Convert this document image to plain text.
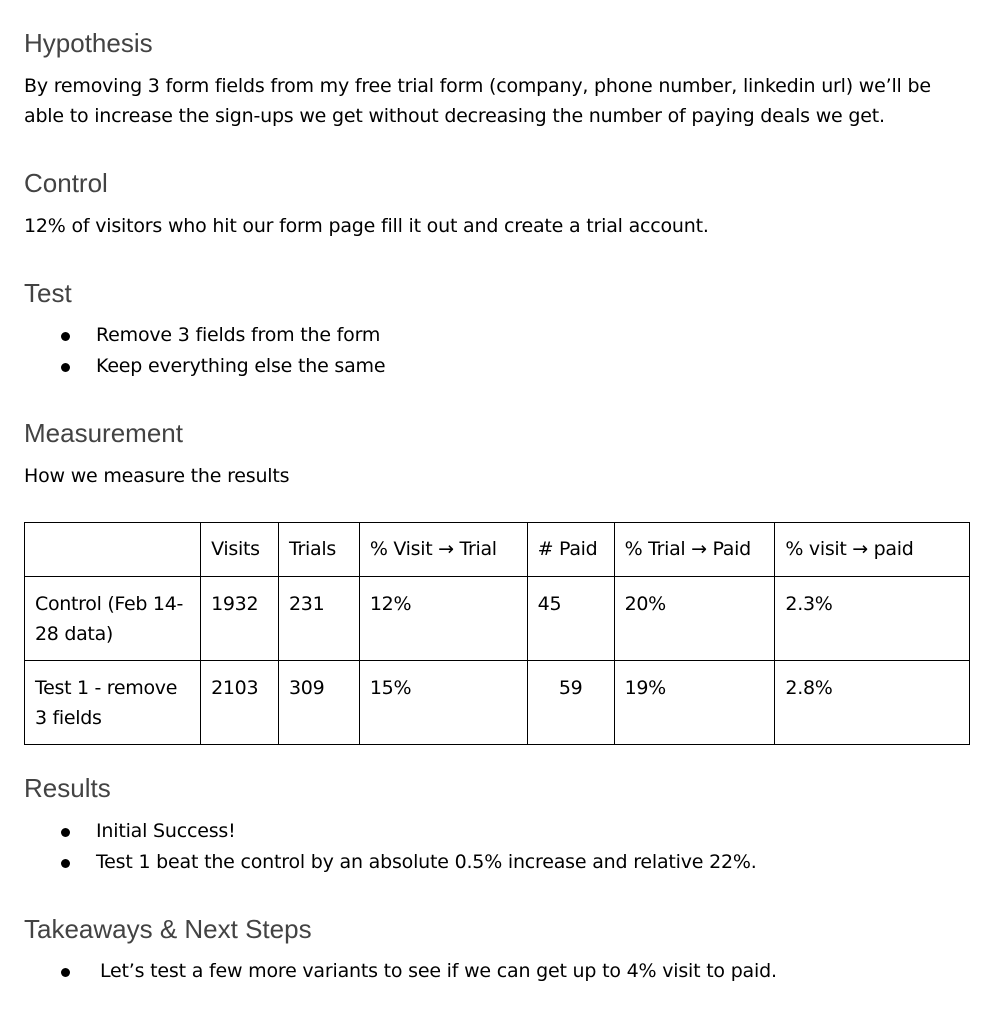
Hypothesis

By removing 3 form fields from my free trial form (company, phone number, linkedin url) we’ll be able to increase the sign-ups we get without decreasing the number of paying deals we get.

Control

12% of visitors who hit our form page fill it out and create a trial account.

Test
Remove 3 fields from the form
Keep everything else the same
Measurement

How we measure the results

	Visits	Trials	% Visit → Trial	# Paid	% Trial → Paid	% visit → paid
Control (Feb 14-28 data)	1932	231	12%	45	20%	2.3%
Test 1 - remove 3 fields	2103	309	15%	59	19%	2.8%
Results
Initial Success!
Test 1 beat the control by an absolute 0.5% increase and relative 22%.
Takeaways & Next Steps
Let’s test a few more variants to see if we can get up to 4% visit to paid.
